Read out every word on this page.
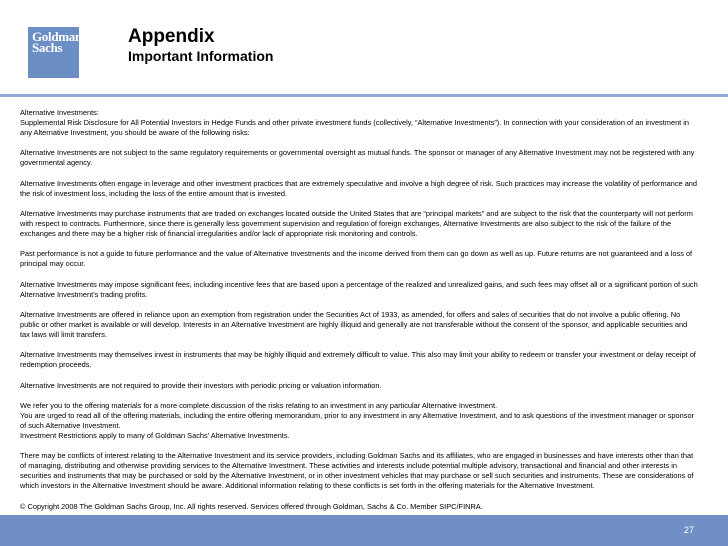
Goldman
Sachs
Appendix
Important Information

Alternative Investments:
Supplemental Risk Disclosure for All Potential Investors in Hedge Funds and other private investment funds (collectively, “Alternative Investments”). In connection with your consideration of an investment in any Alternative Investment, you should be aware of the following risks:

Alternative Investments are not subject to the same regulatory requirements or governmental oversight as mutual funds. The sponsor or manager of any Alternative Investment may not be registered with any governmental agency.

Alternative Investments often engage in leverage and other investment practices that are extremely speculative and involve a high degree of risk. Such practices may increase the volatility of performance and the risk of investment loss, including the loss of the entire amount that is invested.

Alternative Investments may purchase instruments that are traded on exchanges located outside the United States that are “principal markets” and are subject to the risk that the counterparty will not perform with respect to contracts. Furthermore, since there is generally less government supervision and regulation of foreign exchanges, Alternative Investments are also subject to the risk of the failure of the exchanges and there may be a higher risk of financial irregularities and/or lack of appropriate risk monitoring and controls.

Past performance is not a guide to future performance and the value of Alternative Investments and the income derived from them can go down as well as up. Future returns are not guaranteed and a loss of principal may occur.

Alternative Investments may impose significant fees, including incentive fees that are based upon a percentage of the realized and unrealized gains, and such fees may offset all or a significant portion of such Alternative Investment’s trading profits.

Alternative Investments are offered in reliance upon an exemption from registration under the Securities Act of 1933, as amended, for offers and sales of securities that do not involve a public offering. No public or other market is available or will develop. Interests in an Alternative Investment are highly illiquid and generally are not transferable without the consent of the sponsor, and applicable securities and tax laws will limit transfers.

Alternative Investments may themselves invest in instruments that may be highly illiquid and extremely difficult to value. This also may limit your ability to redeem or transfer your investment or delay receipt of redemption proceeds.

Alternative Investments are not required to provide their investors with periodic pricing or valuation information.

We refer you to the offering materials for a more complete discussion of the risks relating to an investment in any particular Alternative Investment.
You are urged to read all of the offering materials, including the entire offering memorandum, prior to any investment in any Alternative Investment, and to ask questions of the investment manager or sponsor of such Alternative Investment.
Investment Restrictions apply to many of Goldman Sachs’ Alternative Investments.

There may be conflicts of interest relating to the Alternative Investment and its service providers, including Goldman Sachs and its affiliates, who are engaged in businesses and have interests other than that of managing, distributing and otherwise providing services to the Alternative Investment. These activities and interests include potential multiple advisory, transactional and financial and other interests in securities and instruments that may be purchased or sold by the Alternative Investment, or in other investment vehicles that may purchase or sell such securities and instruments. These are considerations of which investors in the Alternative Investment should be aware. Additional information relating to these conflicts is set forth in the offering materials for the Alternative Investment.

© Copyright 2008 The Goldman Sachs Group, Inc. All rights reserved. Services offered through Goldman, Sachs & Co. Member SIPC/FINRA.

27
